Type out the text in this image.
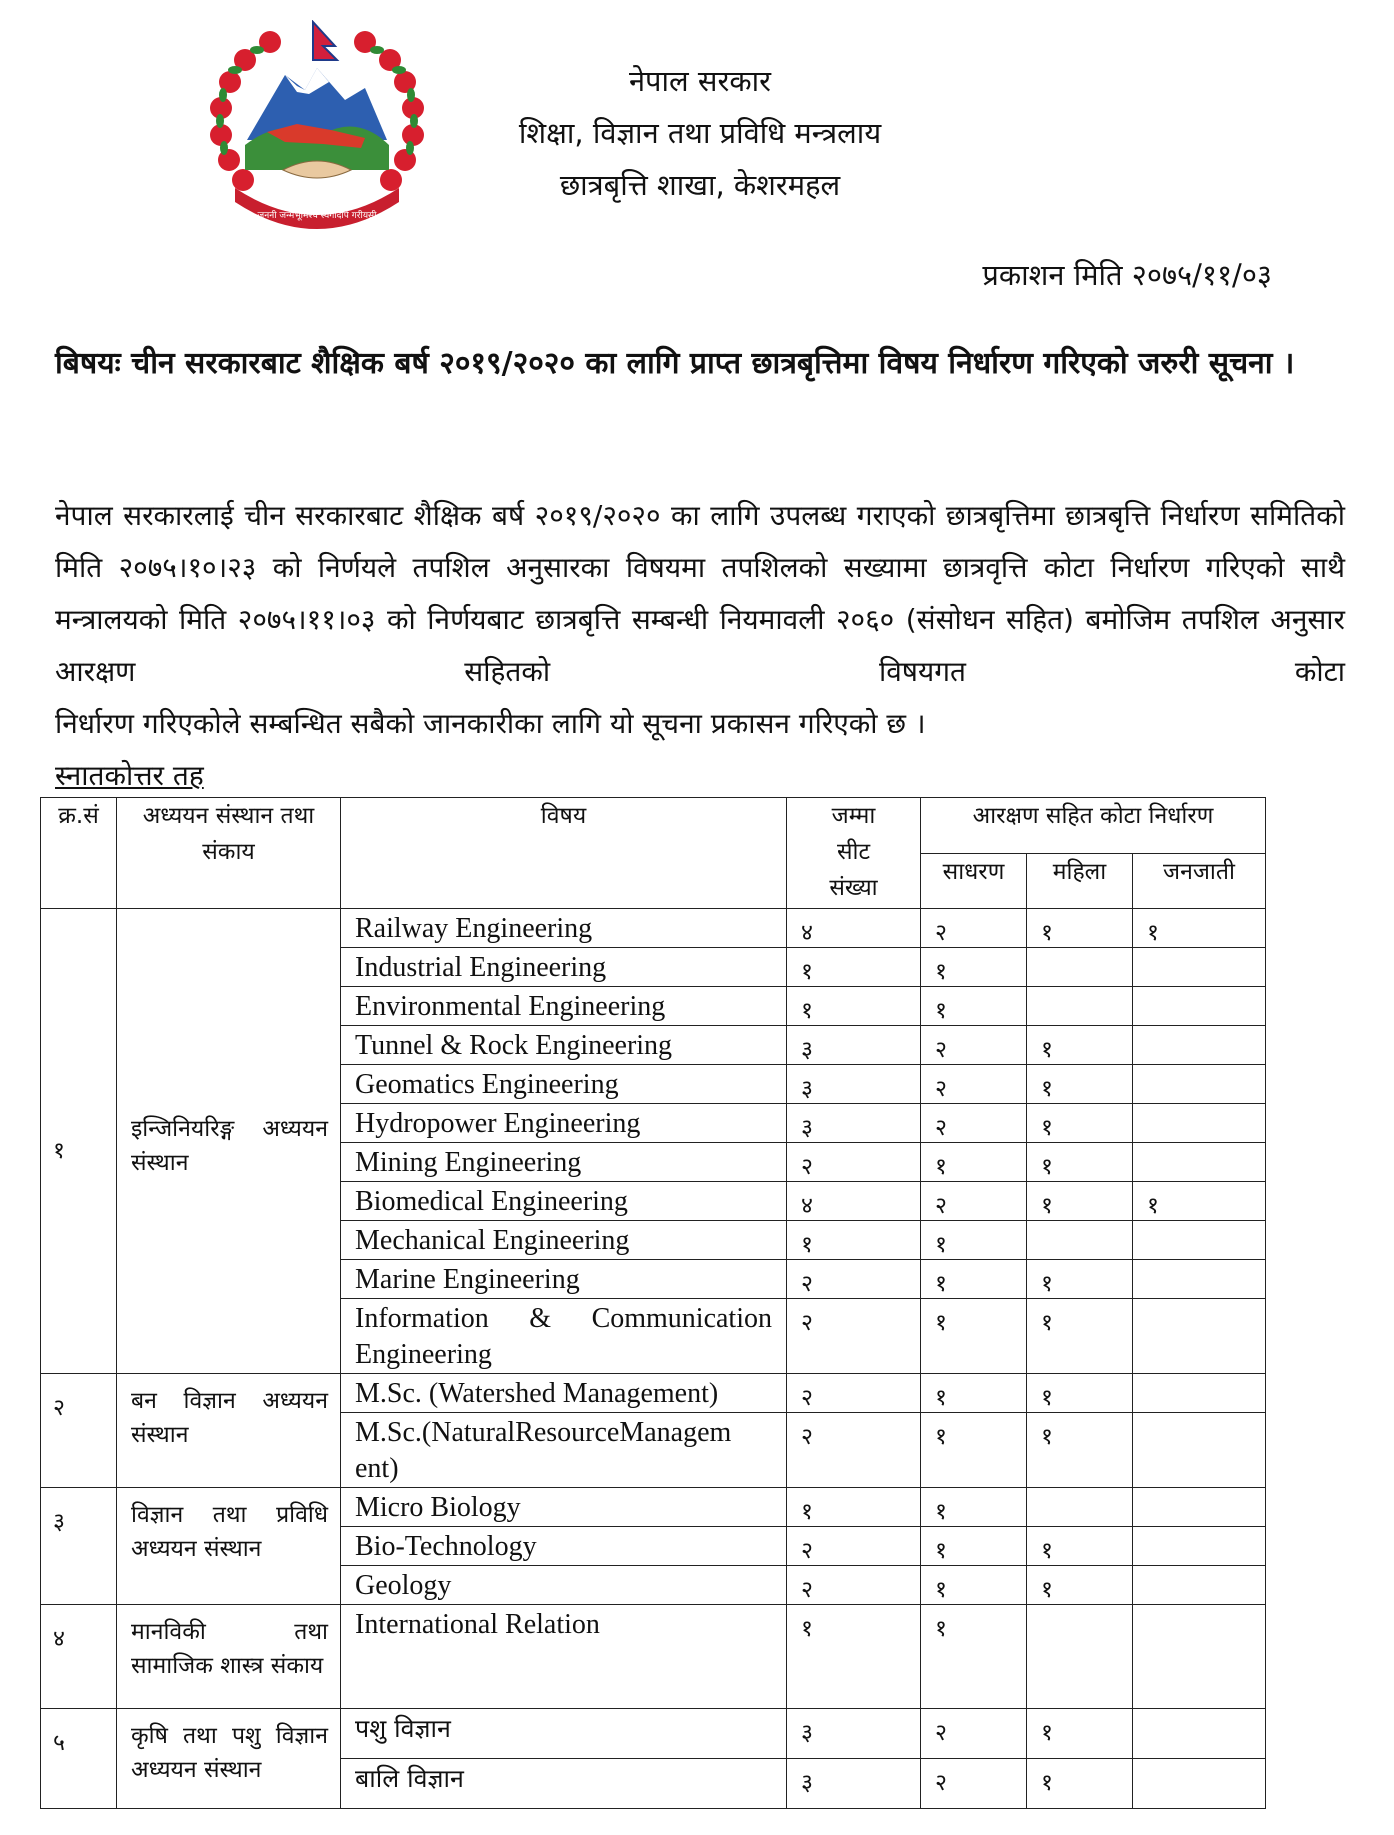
जननी जन्मभूमिश्च स्वर्गादपि गरीयसी
नेपाल सरकार
शिक्षा, विज्ञान तथा प्रविधि मन्त्रलाय
छात्रबृत्ति शाखा, केशरमहल
प्रकाशन मिति २०७५/११/०३
बिषयः चीन सरकारबाट शैक्षिक बर्ष २०१९/२०२० का लागि प्राप्त छात्रबृत्तिमा विषय निर्धारण गरिएको जरुरी सूचना ।
नेपाल सरकारलाई चीन सरकारबाट शैक्षिक बर्ष २०१९/२०२० का लागि उपलब्ध गराएको छात्रबृत्तिमा छात्रबृत्ति निर्धारण समितिको मिति २०७५।१०।२३ को निर्णयले तपशिल अनुसारका विषयमा तपशिलको सख्यामा छात्रवृत्ति कोटा निर्धारण गरिएको साथै मन्त्रालयको मिति २०७५।११।०३ को निर्णयबाट छात्रबृत्ति सम्बन्धी नियमावली २०६० (संसोधन सहित) बमोजिम तपशिल अनुसार आरक्षण सहितको विषयगत कोटा
निर्धारण गरिएकोले सम्बन्धित सबैको जानकारीका लागि यो सूचना प्रकासन गरिएको छ ।
स्नातकोत्तर तह
क्र.सं	अध्ययन संस्थान तथा संकाय	विषय	जम्मा सीट संख्या	आरक्षण सहित कोटा निर्धारण		
				साधरण	महिला	जनजाती
१	इन्जिनियरिङ्ग अध्ययन संस्थान	Railway Engineering	४	२	१	१
		Industrial Engineering	१	१		
		Environmental Engineering	१	१		
		Tunnel & Rock Engineering	३	२	१	
		Geomatics Engineering	३	२	१	
		Hydropower Engineering	३	२	१	
		Mining Engineering	२	१	१	
		Biomedical Engineering	४	२	१	१
		Mechanical Engineering	१	१		
		Marine Engineering	२	१	१	
		Information & Communication Engineering	२	१	१	
२	बन विज्ञान अध्ययन संस्थान	M.Sc. (Watershed Management)	२	१	१	
		M.Sc.(NaturalResourceManagem ent)	२	१	१	
३	विज्ञान तथा प्रविधि अध्ययन संस्थान	Micro Biology	१	१		
		Bio-Technology	२	१	१	
		Geology	२	१	१	
४	मानविकी तथा सामाजिक शास्त्र संकाय	International Relation	१	१		
५	कृषि तथा पशु विज्ञान अध्ययन संस्थान	पशु विज्ञान	३	२	१	
		बालि विज्ञान	३	२	१	
